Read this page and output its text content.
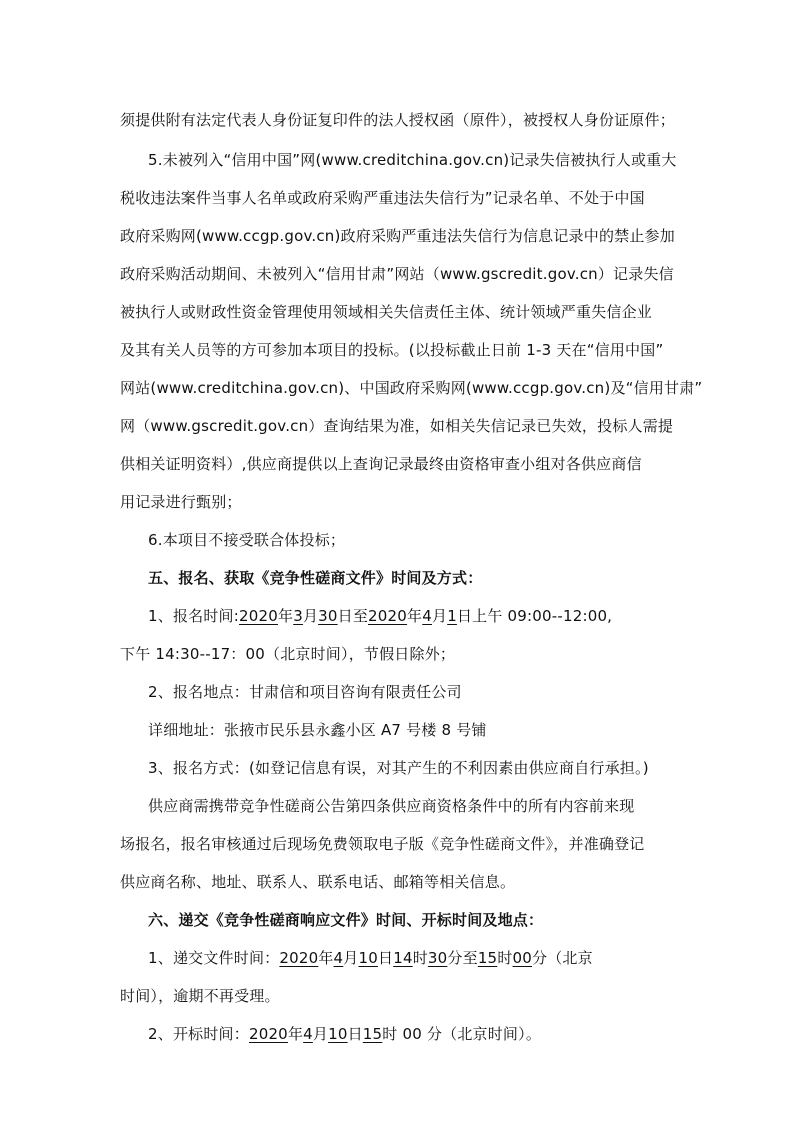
须提供附有法定代表人身份证复印件的法人授权函（原件），被授权人身份证原件；
5.未被列入“信用中国”网(www.creditchina.gov.cn)记录失信被执行人或重大
税收违法案件当事人名单或政府采购严重违法失信行为”记录名单、不处于中国
政府采购网(www.ccgp.gov.cn)政府采购严重违法失信行为信息记录中的禁止参加
政府采购活动期间、未被列入“信用甘肃”网站（www.gscredit.gov.cn）记录失信
被执行人或财政性资金管理使用领域相关失信责任主体、统计领域严重失信企业
及其有关人员等的方可参加本项目的投标。(以投标截止日前 1-3 天在“信用中国”
网站(www.creditchina.gov.cn)、中国政府采购网(www.ccgp.gov.cn)及“信用甘肃”
网（www.gscredit.gov.cn）查询结果为准，如相关失信记录已失效，投标人需提
供相关证明资料）,供应商提供以上查询记录最终由资格审查小组对各供应商信
用记录进行甄别；
6.本项目不接受联合体投标；
五、报名、获取《竞争性磋商文件》时间及方式：
1、报名时间:2020年3月30日至2020年4月1日上午 09:00--12:00,
下午 14:30--17：00（北京时间），节假日除外；
2、报名地点：甘肃信和项目咨询有限责任公司
详细地址：张掖市民乐县永鑫小区 A7 号楼 8 号铺
3、报名方式：(如登记信息有误，对其产生的不利因素由供应商自行承担。)
供应商需携带竞争性磋商公告第四条供应商资格条件中的所有内容前来现
场报名，报名审核通过后现场免费领取电子版《竞争性磋商文件》，并准确登记
供应商名称、地址、联系人、联系电话、邮箱等相关信息。
六、递交《竞争性磋商响应文件》时间、开标时间及地点：
1、递交文件时间：2020年4月10日14时30分至15时00分（北京
时间），逾期不再受理。
2、开标时间：2020年4月10日15时 00 分（北京时间）。
